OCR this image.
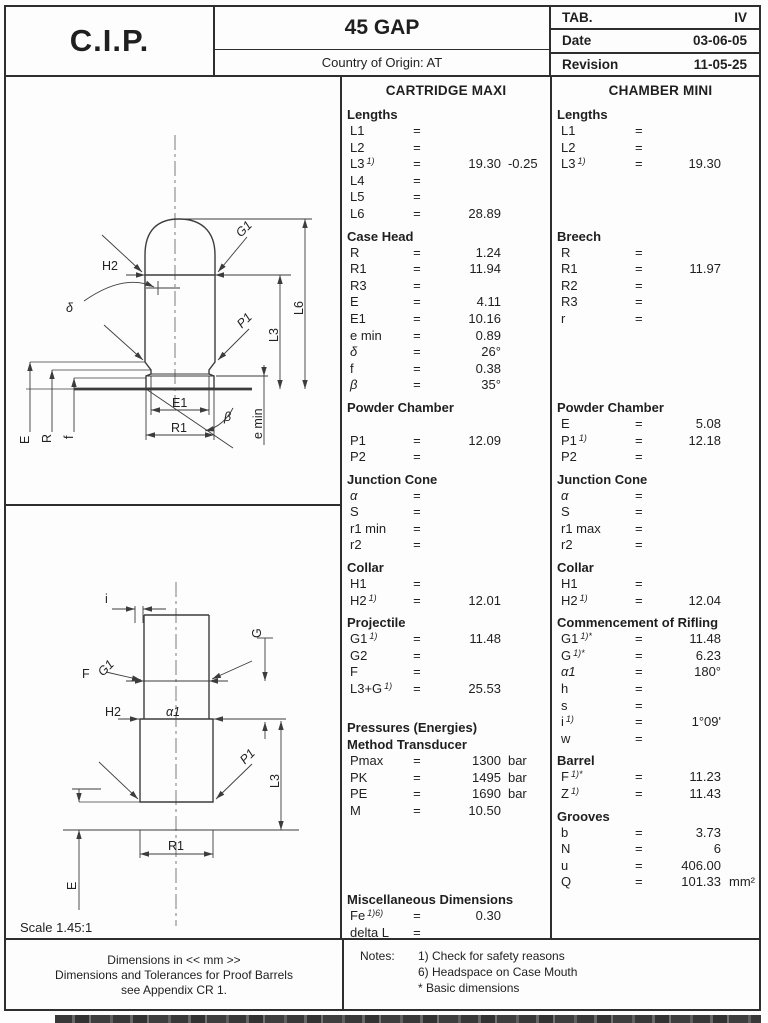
C.I.P.	45 GAP
Country of Origin: AT
TAB.	IV
Date	03-06-05
Revision	11-05-25
H2
G1
δ
P1
L6
L3
E1
R1
β e min
E R f
i
G
F G1
H2	α1
P1
L3
R1
E
Scale 1.45:1
CARTRIDGE MAXI
Lengths
L1	=
L2	=
L3 $^{1)}$	=	19.30 -0.25
L4	=
L5	=
L6	=	28.89
Case Head
R	=	1.24
R1	=	11.94
R3	=
E	=	4.11
E1	=	10.16
e min	=	0.89
δ	=	26°
f	=	0.38
β	=	35°
Powder Chamber
P1	=	12.09
P2	=
Junction Cone
α	=
S	=
r1 min	=
r2	=
Collar
H1	=
H2 $^{1)}$	=	12.01
Projectile
G1 $^{1)}$	=	11.48
G2	=
F	=
L3+G $^{1)}$	=	25.53
Pressures (Energies)
Method Transducer
Pmax	=	1300 bar
PK	=	1495 bar
PE	=	1690 bar
M	=	10.50
Miscellaneous Dimensions
Fe $^{1)6)}$	=	0.30
delta L	=
CHAMBER MINI
Lengths
L1	=
L2	=
L3 $^{1)}$	=	19.30
Breech
R	=
R1	=	11.97
R2	=
R3	=
r	=
Powder Chamber
E	=	5.08
P1 $^{1)}$	=	12.18
P2	=
Junction Cone
α	=
S	=
r1 max	=
r2	=
Collar
H1	=
H2 $^{1)}$	=	12.04
Commencement of Rifling
G1 $^{1)*}$	=	11.48
G $^{1)*}$	=	6.23
α1	=	180°
h	=
s	=
i $^{1)}$	=	1°09'
w	=
Barrel
F $^{1)*}$	=	11.23
Z $^{1)}$	=	11.43
Grooves
b	=	3.73
N	=	6
u	=	406.00
Q	=	101.33 mm²
Dimensions in << mm >>
Dimensions and Tolerances for Proof Barrels
see Appendix CR 1.
Notes:	1) Check for safety reasons
6) Headspace on Case Mouth
* Basic dimensions
